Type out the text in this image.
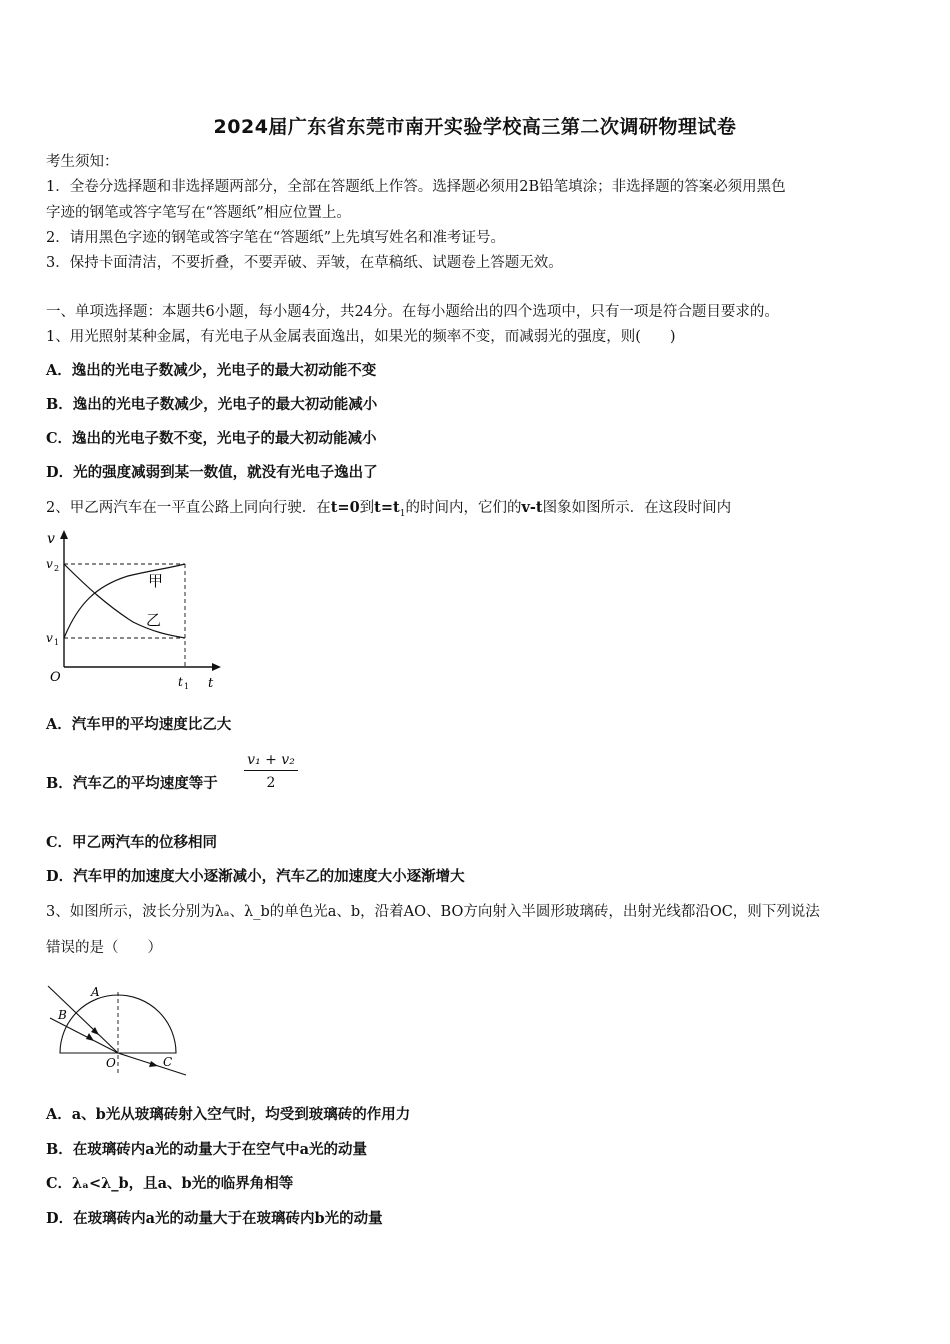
2024届广东省东莞市南开实验学校高三第二次调研物理试卷
考生须知：
1．全卷分选择题和非选择题两部分，全部在答题纸上作答。选择题必须用2B铅笔填涂；非选择题的答案必须用黑色
字迹的钢笔或答字笔写在“答题纸”相应位置上。
2．请用黑色字迹的钢笔或答字笔在“答题纸”上先填写姓名和准考证号。
3．保持卡面清洁，不要折叠，不要弄破、弄皱，在草稿纸、试题卷上答题无效。
一、单项选择题：本题共6小题，每小题4分，共24分。在每小题给出的四个选项中，只有一项是符合题目要求的。
1、用光照射某种金属，有光电子从金属表面逸出，如果光的频率不变，而减弱光的强度，则(　　)
A．逸出的光电子数减少，光电子的最大初动能不变
B．逸出的光电子数减少，光电子的最大初动能减小
C．逸出的光电子数不变，光电子的最大初动能减小
D．光的强度减弱到某一数值，就没有光电子逸出了
2、甲乙两汽车在一平直公路上同向行驶．在t=0到$t=t_1$的时间内，它们的v-t图象如图所示．在这段时间内
v
v 2
v 1
O	t 1 t
甲
乙
A．汽车甲的平均速度比乙大
B．汽车乙的平均速度等于 $\frac{\text{v₁ + v₂}}{2}$
C．甲乙两汽车的位移相同
D．汽车甲的加速度大小逐渐减小，汽车乙的加速度大小逐渐增大
3、如图所示，波长分别为λₐ、λ_b的单色光a、b，沿着AO、BO方向射入半圆形玻璃砖，出射光线都沿OC，则下列说法
错误的是（　　）
A
B
O	C
A．a、b光从玻璃砖射入空气时，均受到玻璃砖的作用力
B．在玻璃砖内a光的动量大于在空气中a光的动量
C．λₐ<λ_b，且a、b光的临界角相等
D．在玻璃砖内a光的动量大于在玻璃砖内b光的动量
